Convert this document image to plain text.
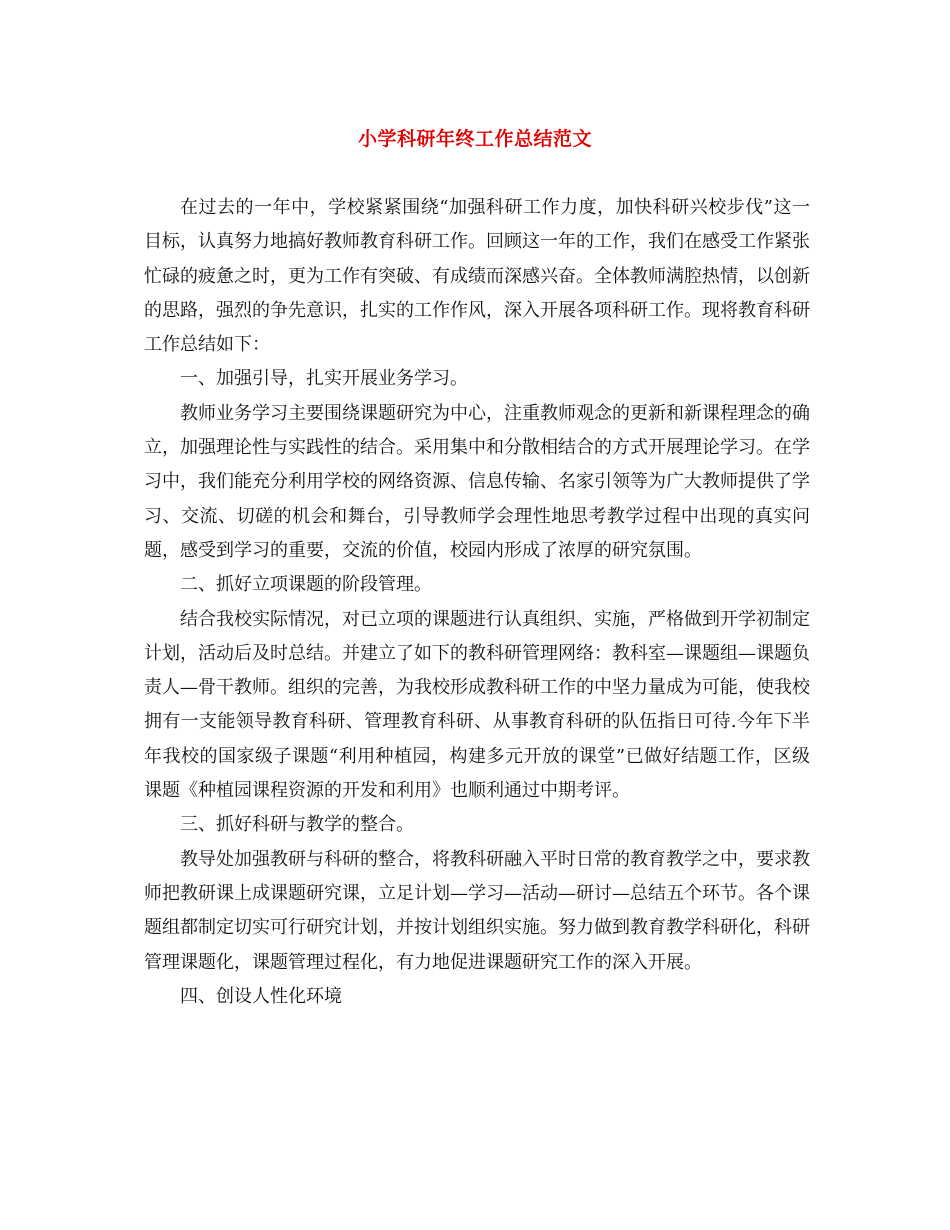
小学科研年终工作总结范文

在过去的一年中，学校紧紧围绕“加强科研工作力度，加快科研兴校步伐”这一目标，认真努力地搞好教师教育科研工作。回顾这一年的工作，我们在感受工作紧张忙碌的疲惫之时，更为工作有突破、有成绩而深感兴奋。全体教师满腔热情，以创新的思路，强烈的争先意识，扎实的工作作风，深入开展各项科研工作。现将教育科研工作总结如下：

一、加强引导，扎实开展业务学习。

教师业务学习主要围绕课题研究为中心，注重教师观念的更新和新课程理念的确立，加强理论性与实践性的结合。采用集中和分散相结合的方式开展理论学习。在学习中，我们能充分利用学校的网络资源、信息传输、名家引领等为广大教师提供了学习、交流、切磋的机会和舞台，引导教师学会理性地思考教学过程中出现的真实问题，感受到学习的重要，交流的价值，校园内形成了浓厚的研究氛围。

二、抓好立项课题的阶段管理。

结合我校实际情况，对已立项的课题进行认真组织、实施，严格做到开学初制定计划，活动后及时总结。并建立了如下的教科研管理网络：教科室—课题组—课题负责人—骨干教师。组织的完善，为我校形成教科研工作的中坚力量成为可能，使我校拥有一支能领导教育科研、管理教育科研、从事教育科研的队伍指日可待.今年下半年我校的国家级子课题“利用种植园，构建多元开放的课堂”已做好结题工作，区级课题《种植园课程资源的开发和利用》也顺利通过中期考评。

三、抓好科研与教学的整合。

教导处加强教研与科研的整合，将教科研融入平时日常的教育教学之中，要求教师把教研课上成课题研究课，立足计划—学习—活动—研讨—总结五个环节。各个课题组都制定切实可行研究计划，并按计划组织实施。努力做到教育教学科研化，科研管理课题化，课题管理过程化，有力地促进课题研究工作的深入开展。

四、创设人性化环境
